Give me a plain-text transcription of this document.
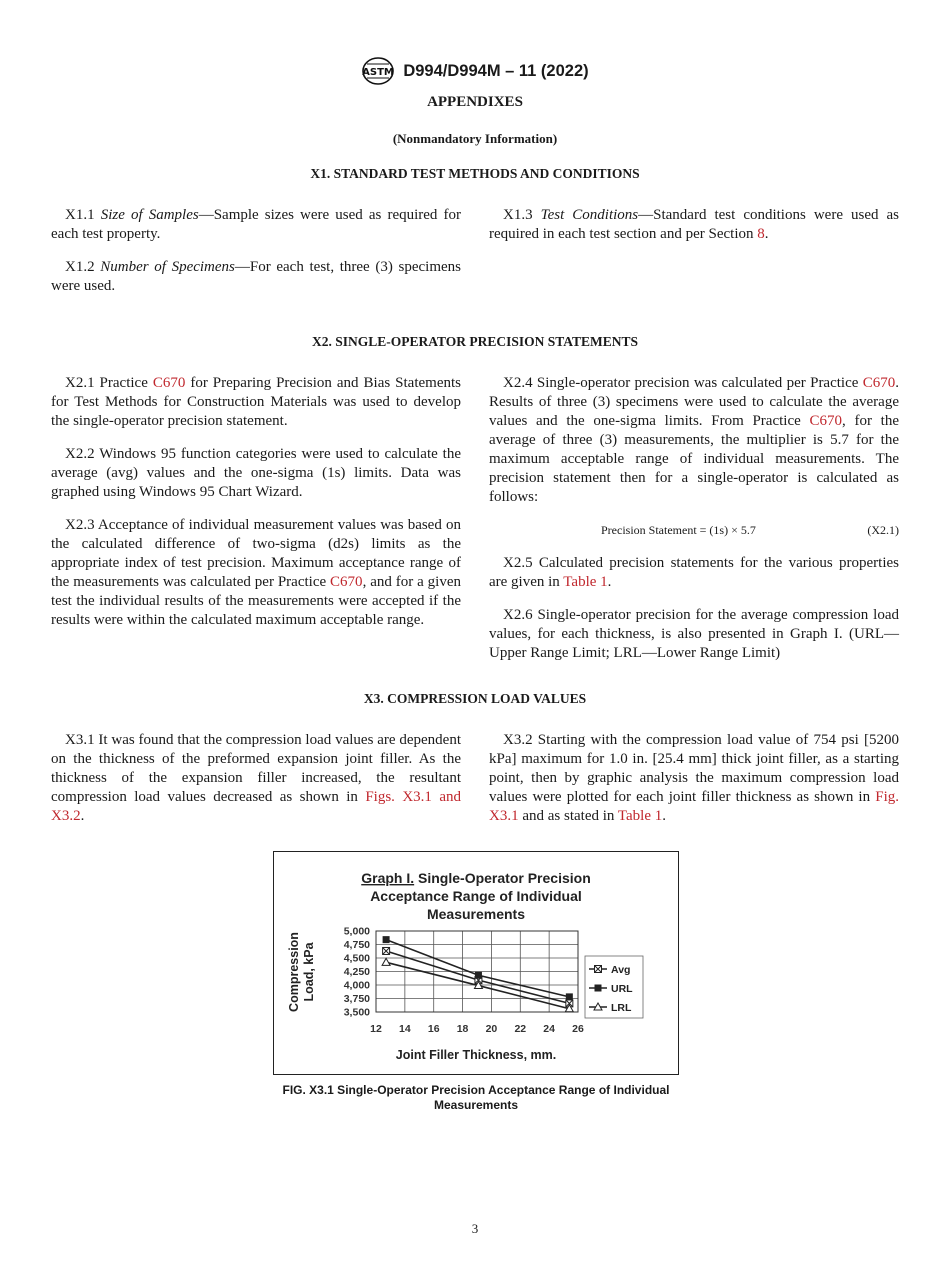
ASTM D994/D994M – 11 (2022)
APPENDIXES
(Nonmandatory Information)
X1. STANDARD TEST METHODS AND CONDITIONS

X1.1 Size of Samples—Sample sizes were used as required for each test property.

X1.2 Number of Specimens—For each test, three (3) specimens were used.

X1.3 Test Conditions—Standard test conditions were used as required in each test section and per Section 8.

X2. SINGLE-OPERATOR PRECISION STATEMENTS

X2.1 Practice C670 for Preparing Precision and Bias Statements for Test Methods for Construction Materials was used to develop the single-operator precision statement.

X2.2 Windows 95 function categories were used to calculate the average (avg) values and the one-sigma (1s) limits. Data was graphed using Windows 95 Chart Wizard.

X2.3 Acceptance of individual measurement values was based on the calculated difference of two-sigma (d2s) limits as the appropriate index of test precision. Maximum acceptance range of the measurements was calculated per Practice C670, and for a given test the individual results of the measurements were accepted if the results were within the calculated maximum acceptable range.

X2.4 Single-operator precision was calculated per Practice C670. Results of three (3) specimens were used to calculate the average values and the one-sigma limits. From Practice C670, for the average of three (3) measurements, the multiplier is 5.7 for the maximum acceptable range of individual measurements. The precision statement then for a single-operator is calculated as follows:

Precision Statement = (1s) × 5.7	(X2.1)

X2.5 Calculated precision statements for the various properties are given in Table 1.

X2.6 Single-operator precision for the average compression load values, for each thickness, is also presented in Graph I. (URL—Upper Range Limit; LRL—Lower Range Limit)

X3. COMPRESSION LOAD VALUES

X3.1 It was found that the compression load values are dependent on the thickness of the preformed expansion joint filler. As the thickness of the expansion filler increased, the resultant compression load values decreased as shown in Figs. X3.1 and X3.2.

X3.2 Starting with the compression load value of 754 psi [5200 kPa] maximum for 1.0 in. [25.4 mm] thick joint filler, as a starting point, then by graphic analysis the maximum compression load values were plotted for each joint filler thickness as shown in Fig. X3.1 and as stated in Table 1.

Graph I. Single-Operator Precision
Acceptance Range of Individual
Measurements
12 14 16 18 20 22 24 26
3,500
3,750
4,000
4,250
4,500
4,750
5,000
Joint Filler Thickness, mm.
Compression Load, kPa	Avg
URL
LRL
FIG. X3.1 Single-Operator Precision Acceptance Range of Individual Measurements
3
